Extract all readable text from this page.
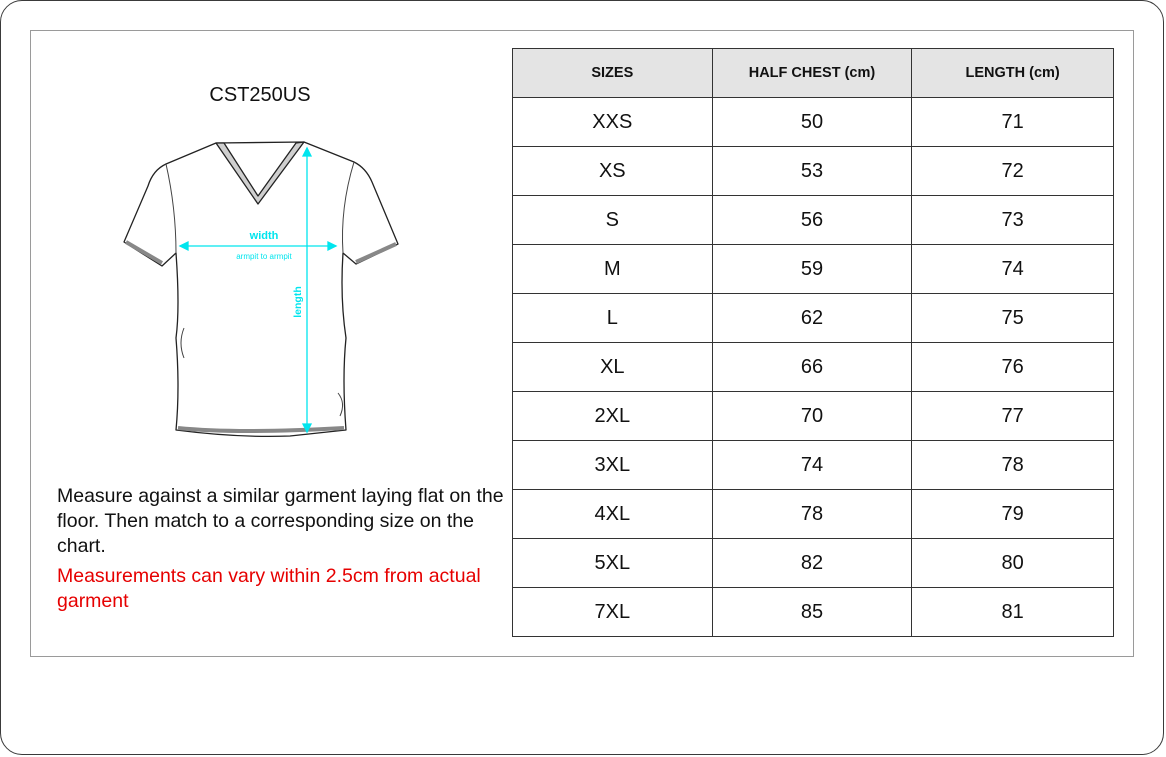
CST250US
width
armpit to armpit
length
Measure against a similar garment laying flat on the floor. Then match to a corresponding size on the chart.
Measurements can vary within 2.5cm from actual garment
SIZES	HALF CHEST (cm)	LENGTH (cm)
XXS	50	71
XS	53	72
S	56	73
M	59	74
L	62	75
XL	66	76
2XL	70	77
3XL	74	78
4XL	78	79
5XL	82	80
7XL	85	81
